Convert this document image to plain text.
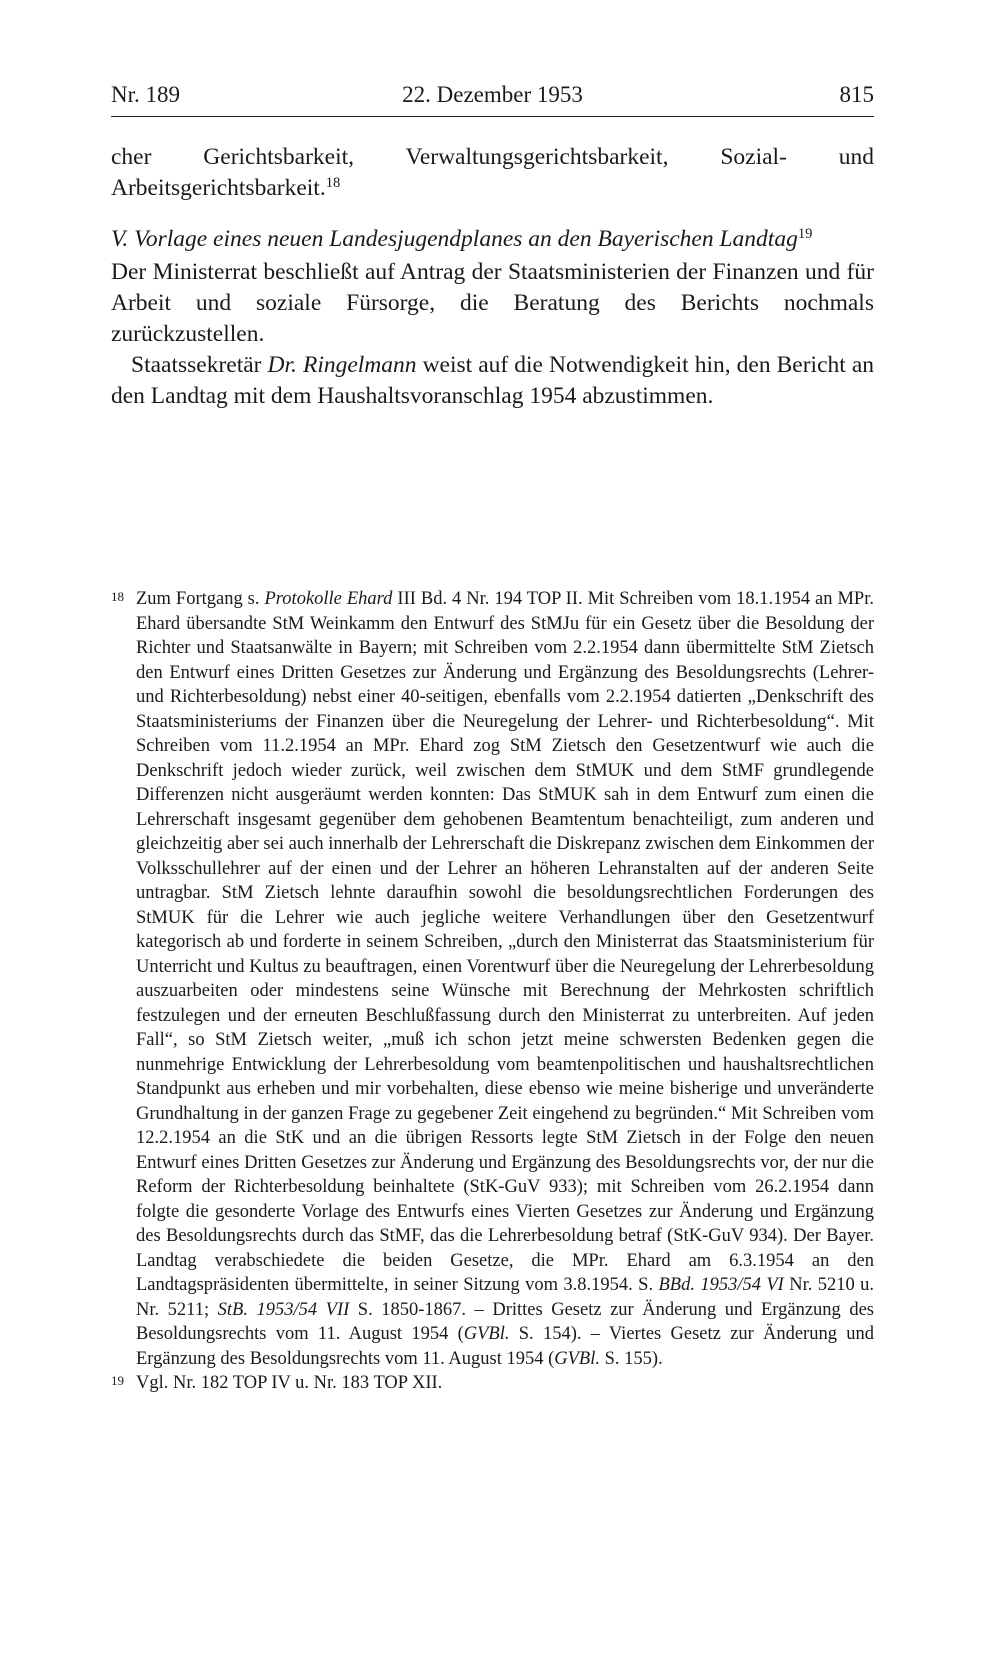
Nr. 189	22. Dezember 1953	815

cher Gerichtsbarkeit, Verwaltungsgerichtsbarkeit, Sozial- und Arbeitsgerichtsbarkeit.$^{18}$

V. Vorlage eines neuen Landesjugendplanes an den Bayerischen Landtag$^{19}$

Der Ministerrat beschließt auf Antrag der Staatsministerien der Finanzen und für Arbeit und soziale Fürsorge, die Beratung des Berichts nochmals zurückzustellen.

Staatssekretär Dr. Ringelmann weist auf die Notwendigkeit hin, den Bericht an den Landtag mit dem Haushaltsvoranschlag 1954 abzustimmen.

18 Zum Fortgang s. Protokolle Ehard III Bd. 4 Nr. 194 TOP II. Mit Schreiben vom 18.1.1954 an MPr. Ehard übersandte StM Weinkamm den Entwurf des StMJu für ein Gesetz über die Besoldung der Richter und Staatsanwälte in Bayern; mit Schreiben vom 2.2.1954 dann übermittelte StM Zietsch den Entwurf eines Dritten Gesetzes zur Änderung und Ergänzung des Besoldungsrechts (Lehrer- und Richterbesoldung) nebst einer 40-seitigen, ebenfalls vom 2.2.1954 datierten „Denkschrift des Staatsministeriums der Finanzen über die Neuregelung der Lehrer- und Richterbesoldung“. Mit Schreiben vom 11.2.1954 an MPr. Ehard zog StM Zietsch den Gesetzentwurf wie auch die Denkschrift jedoch wieder zurück, weil zwischen dem StMUK und dem StMF grundlegende Differenzen nicht ausgeräumt werden konnten: Das StMUK sah in dem Entwurf zum einen die Lehrerschaft insgesamt gegenüber dem gehobenen Beamtentum benachteiligt, zum anderen und gleichzeitig aber sei auch innerhalb der Lehrerschaft die Diskrepanz zwischen dem Einkommen der Volksschullehrer auf der einen und der Lehrer an höheren Lehranstalten auf der anderen Seite untragbar. StM Zietsch lehnte daraufhin sowohl die besoldungsrechtlichen Forderungen des StMUK für die Lehrer wie auch jegliche weitere Verhandlungen über den Gesetzentwurf kategorisch ab und forderte in seinem Schreiben, „durch den Ministerrat das Staatsministerium für Unterricht und Kultus zu beauftragen, einen Vorentwurf über die Neuregelung der Lehrerbesoldung auszuarbeiten oder mindestens seine Wünsche mit Berechnung der Mehrkosten schriftlich festzulegen und der erneuten Beschlußfassung durch den Ministerrat zu unterbreiten. Auf jeden Fall“, so StM Zietsch weiter, „muß ich schon jetzt meine schwersten Bedenken gegen die nunmehrige Entwicklung der Lehrerbesoldung vom beamtenpolitischen und haushaltsrechtlichen Standpunkt aus erheben und mir vorbehalten, diese ebenso wie meine bisherige und unveränderte Grundhaltung in der ganzen Frage zu gegebener Zeit eingehend zu begründen.“ Mit Schreiben vom 12.2.1954 an die StK und an die übrigen Ressorts legte StM Zietsch in der Folge den neuen Entwurf eines Dritten Gesetzes zur Änderung und Ergänzung des Besoldungsrechts vor, der nur die Reform der Richterbesoldung beinhaltete (StK-GuV 933); mit Schreiben vom 26.2.1954 dann folgte die gesonderte Vorlage des Entwurfs eines Vierten Gesetzes zur Änderung und Ergänzung des Besoldungsrechts durch das StMF, das die Lehrerbesoldung betraf (StK-GuV 934). Der Bayer. Landtag verabschiedete die beiden Gesetze, die MPr. Ehard am 6.3.1954 an den Landtagspräsidenten übermittelte, in seiner Sitzung vom 3.8.1954. S. BBd. 1953/54 VI Nr. 5210 u. Nr. 5211; StB. 1953/54 VII S. 1850-1867. – Drittes Gesetz zur Änderung und Ergänzung des Besoldungsrechts vom 11. August 1954 (GVBl. S. 154). – Viertes Gesetz zur Änderung und Ergänzung des Besoldungsrechts vom 11. August 1954 (GVBl. S. 155).
19 Vgl. Nr. 182 TOP IV u. Nr. 183 TOP XII.
